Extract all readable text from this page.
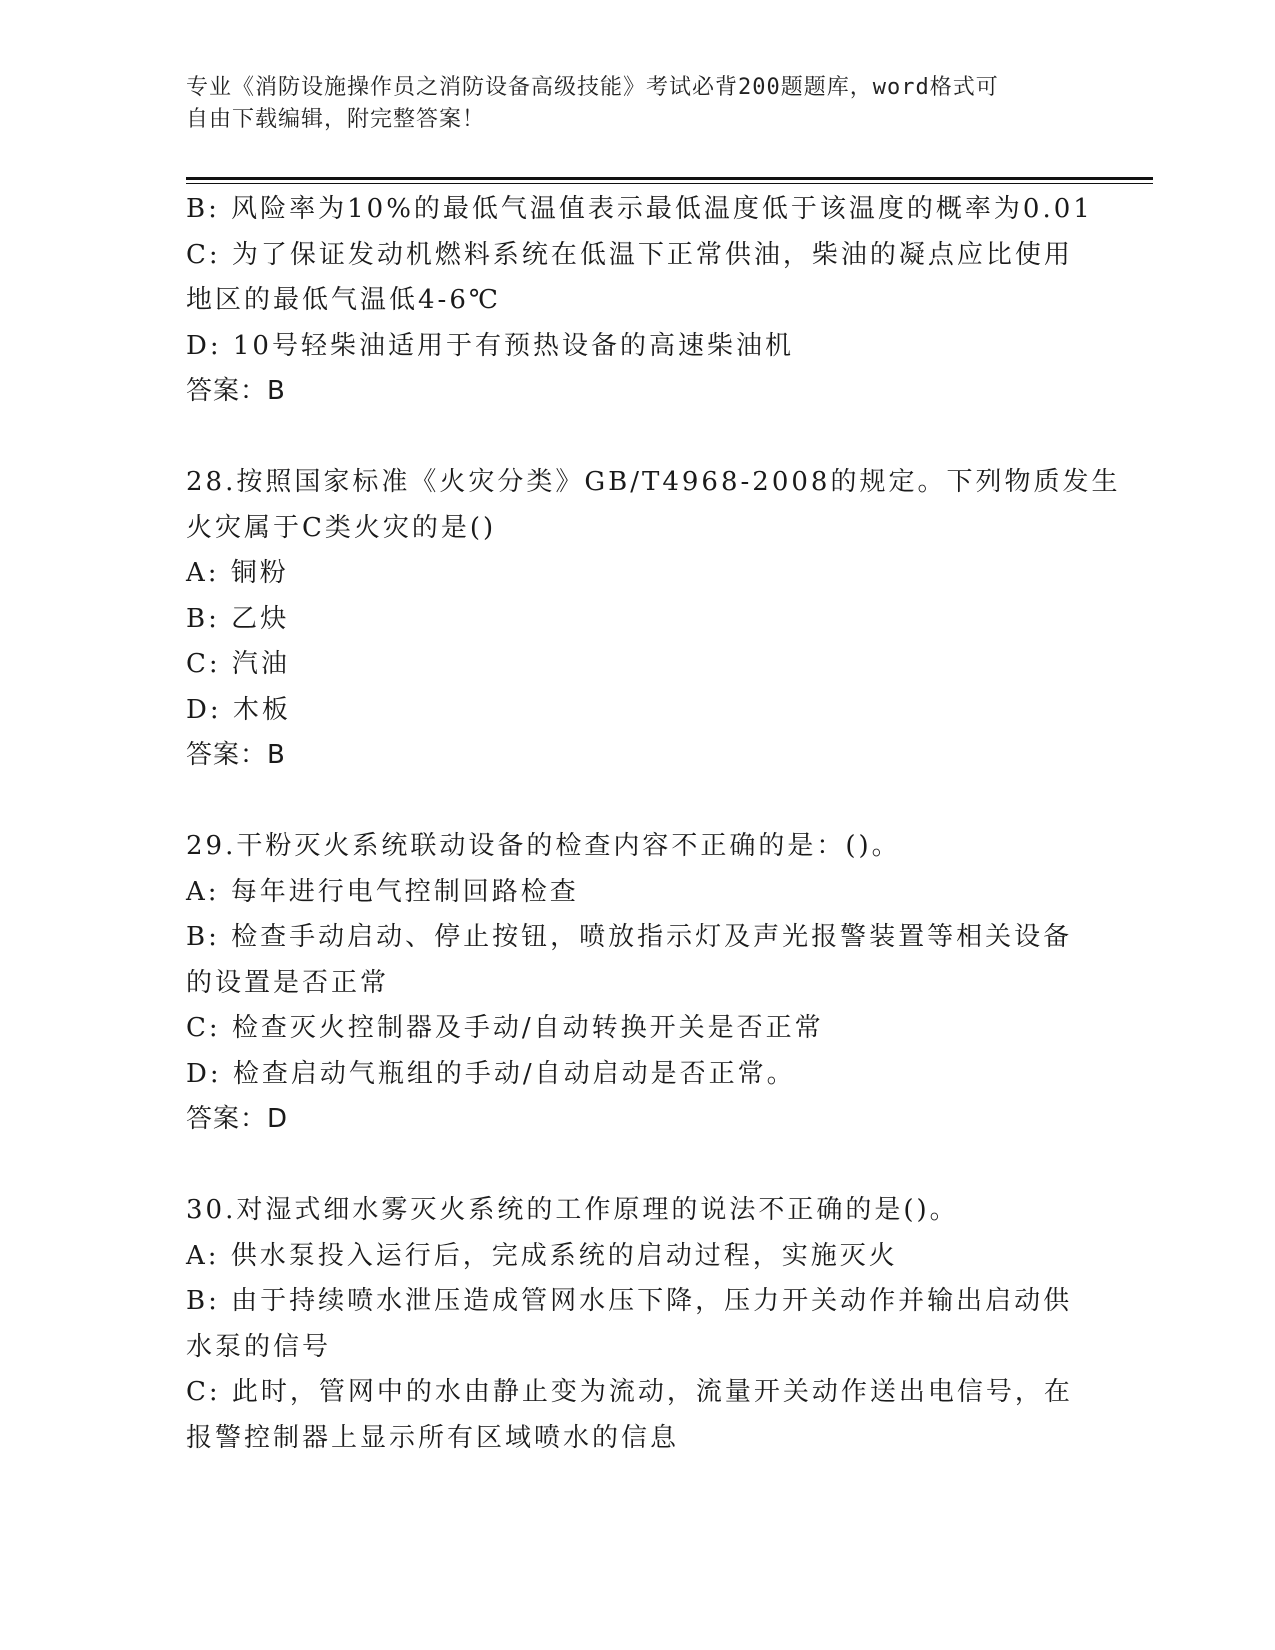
专业《消防设施操作员之消防设备高级技能》考试必背200题题库，word格式可
自由下载编辑，附完整答案！

B: 风险率为10%的最低气温值表示最低温度低于该温度的概率为0.01

C: 为了保证发动机燃料系统在低温下正常供油，柴油的凝点应比使用

地区的最低气温低4-6℃

D: 10号轻柴油适用于有预热设备的高速柴油机

答案：B

28.按照国家标准《火灾分类》GB/T4968-2008的规定。下列物质发生

火灾属于C类火灾的是()

A: 铜粉

B: 乙炔

C: 汽油

D: 木板

答案：B

29.干粉灭火系统联动设备的检查内容不正确的是：()。

A: 每年进行电气控制回路检查

B: 检查手动启动、停止按钮，喷放指示灯及声光报警装置等相关设备

的设置是否正常

C: 检查灭火控制器及手动/自动转换开关是否正常

D: 检查启动气瓶组的手动/自动启动是否正常。

答案：D

30.对湿式细水雾灭火系统的工作原理的说法不正确的是()。

A: 供水泵投入运行后，完成系统的启动过程，实施灭火

B: 由于持续喷水泄压造成管网水压下降，压力开关动作并输出启动供

水泵的信号

C: 此时，管网中的水由静止变为流动，流量开关动作送出电信号，在

报警控制器上显示所有区域喷水的信息
